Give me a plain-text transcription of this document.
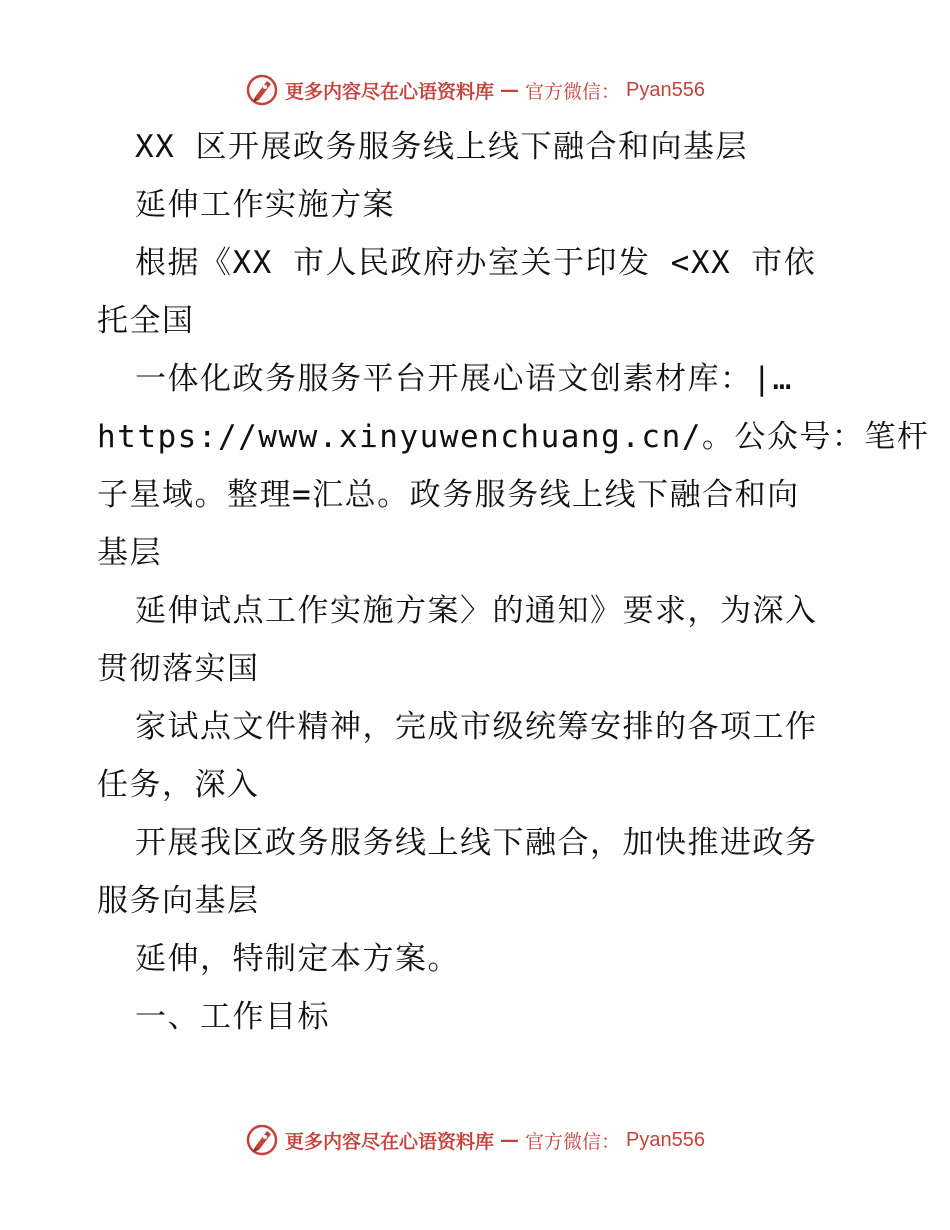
更多内容尽在心语资料库 — 官方微信： Pyan556
XX 区开展政务服务线上线下融合和向基层
延伸工作实施方案
根据《XX 市人民政府办室关于印发 <XX 市依
托全国
一体化政务服务平台开展心语文创素材库：|…
https://www.xinyuwenchuang.cn/。公众号：笔杆
子星域。整理=汇总。政务服务线上线下融合和向
基层
延伸试点工作实施方案〉的通知》要求，为深入
贯彻落实国
家试点文件精神，完成市级统筹安排的各项工作
任务，深入
开展我区政务服务线上线下融合，加快推进政务
服务向基层
延伸，特制定本方案。
一、工作目标
更多内容尽在心语资料库 — 官方微信： Pyan556
